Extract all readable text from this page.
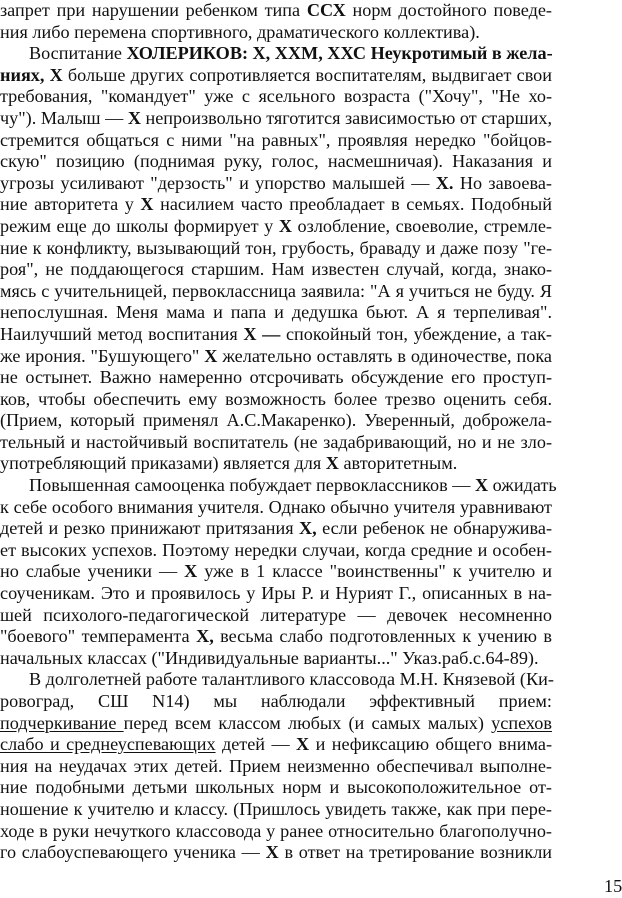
запрет при нарушении ребенком типа ССХ норм достойного поведе-
ния либо перемена спортивного, драматического коллектива).
Воспитание ХОЛЕРИКОВ: X, ХХМ, ХХС Неукротимый в жела-
ниях, X больше других сопротивляется воспитателям, выдвигает свои
требования, "командует" уже с ясельного возраста ("Хочу", "Не хо-
чу"). Малыш — X непроизвольно тяготится зависимостью от старших,
стремится общаться с ними "на равных", проявляя нередко "бойцов-
скую" позицию (поднимая руку, голос, насмешничая). Наказания и
угрозы усиливают "дерзость" и упорство малышей — X. Но завоева-
ние авторитета у X насилием часто преобладает в семьях. Подобный
режим еще до школы формирует у X озлобление, своеволие, стремле-
ние к конфликту, вызывающий тон, грубость, браваду и даже позу "ге-
роя", не поддающегося старшим. Нам известен случай, когда, знако-
мясь с учительницей, первоклассница заявила: "А я учиться не буду. Я
непослушная. Меня мама и папа и дедушка бьют. А я терпеливая".
Наилучший метод воспитания X — спокойный тон, убеждение, а так-
же ирония. "Бушующего" X желательно оставлять в одиночестве, пока
не остынет. Важно намеренно отсрочивать обсуждение его проступ-
ков, чтобы обеспечить ему возможность более трезво оценить себя.
(Прием, который применял А.С.Макаренко). Уверенный, доброжела-
тельный и настойчивый воспитатель (не задабривающий, но и не зло-
употребляющий приказами) является для X авторитетным.
Повышенная самооценка побуждает первоклассников — X ожидать
к себе особого внимания учителя. Однако обычно учителя уравнивают
детей и резко принижают притязания X, если ребенок не обнаружива-
ет высоких успехов. Поэтому нередки случаи, когда средние и особен-
но слабые ученики — X уже в 1 классе "воинственны" к учителю и
соученикам. Это и проявилось у Иры Р. и Нурият Г., описанных в на-
шей психолого-педагогической литературе — девочек несомненно
"боевого" темперамента X, весьма слабо подготовленных к учению в
начальных классах ("Индивидуальные варианты..." Указ.раб.с.64-89).
В долголетней работе талантливого классовода М.Н. Князевой (Ки-
ровоград, СШ N14) мы наблюдали эффективный прием:
подчеркивание перед всем классом любых (и самых малых) успехов
слабо и среднеуспевающих детей — X и нефиксацию общего внима-
ния на неудачах этих детей. Прием неизменно обеспечивал выполне-
ние подобными детьми школьных норм и высокоположительное от-
ношение к учителю и классу. (Пришлось увидеть также, как при пере-
ходе в руки нечуткого классовода у ранее относительно благополучно-
го слабоуспевающего ученика — X в ответ на третирование возникли
15
